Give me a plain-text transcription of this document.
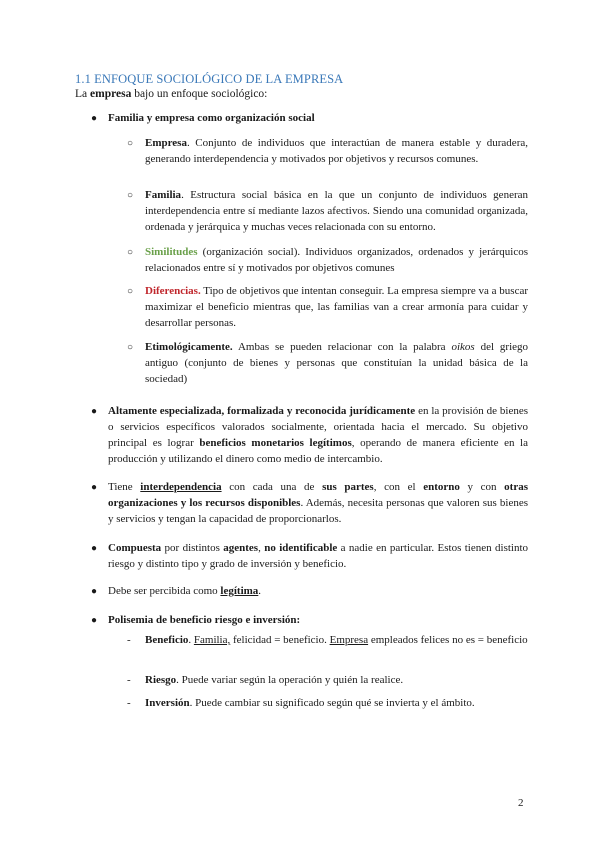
1.1 ENFOQUE SOCIOLÓGICO DE LA EMPRESA
La empresa bajo un enfoque sociológico:
● Familia y empresa como organización social
○ Empresa. Conjunto de individuos que interactúan de manera estable y duradera, generando interdependencia y motivados por objetivos y recursos comunes.
○ Familia. Estructura social básica en la que un conjunto de individuos generan interdependencia entre sí mediante lazos afectivos. Siendo una comunidad organizada, ordenada y jerárquica y muchas veces relacionada con su entorno.
○ Similitudes (organización social). Individuos organizados, ordenados y jerárquicos relacionados entre sí y motivados por objetivos comunes
○ Diferencias. Tipo de objetivos que intentan conseguir. La empresa siempre va a buscar maximizar el beneficio mientras que, las familias van a crear armonía para cuidar y desarrollar personas.
○ Etimológicamente. Ambas se pueden relacionar con la palabra oikos del griego antiguo (conjunto de bienes y personas que constituían la unidad básica de la sociedad)
● Altamente especializada, formalizada y reconocida jurídicamente en la provisión de bienes o servicios específicos valorados socialmente, orientada hacia el mercado. Su objetivo principal es lograr beneficios monetarios legítimos, operando de manera eficiente en la producción y utilizando el dinero como medio de intercambio.
● Tiene interdependencia con cada una de sus partes, con el entorno y con otras organizaciones y los recursos disponibles. Además, necesita personas que valoren sus bienes y servicios y tengan la capacidad de proporcionarlos.
● Compuesta por distintos agentes, no identificable a nadie en particular. Estos tienen distinto riesgo y distinto tipo y grado de inversión y beneficio.
● Debe ser percibida como legítima.
● Polisemia de beneficio riesgo e inversión:
- Beneficio. Familia, felicidad = beneficio. Empresa empleados felices no es = beneficio
- Riesgo. Puede variar según la operación y quién la realice.
- Inversión. Puede cambiar su significado según qué se invierta y el ámbito.
2
